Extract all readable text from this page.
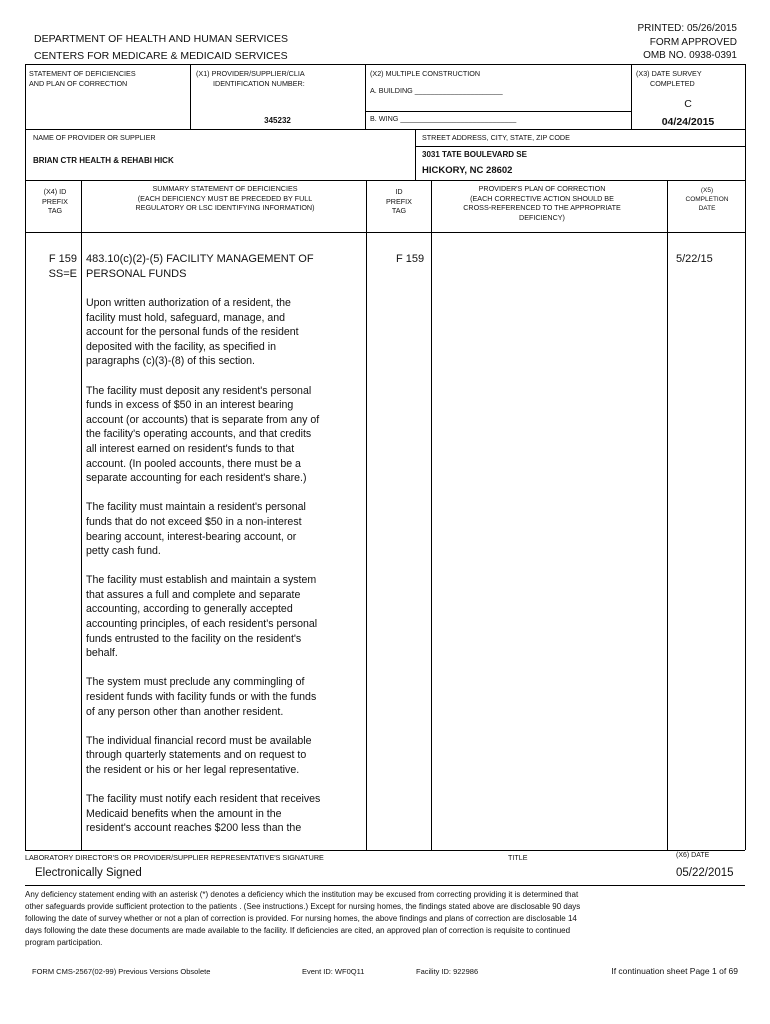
DEPARTMENT OF HEALTH AND HUMAN SERVICES
CENTERS FOR MEDICARE & MEDICAID SERVICES
PRINTED: 05/26/2015
FORM APPROVED
OMB NO. 0938-0391
STATEMENT OF DEFICIENCIES
AND PLAN OF CORRECTION
(X1) PROVIDER/SUPPLIER/CLIA
IDENTIFICATION NUMBER:
345232
(X2) MULTIPLE CONSTRUCTION
A. BUILDING ______________________
B. WING _____________________________
(X3) DATE SURVEY
COMPLETED
C
04/24/2015
NAME OF PROVIDER OR SUPPLIER
BRIAN CTR HEALTH & REHABI HICK
STREET ADDRESS, CITY, STATE, ZIP CODE
3031 TATE BOULEVARD SE
HICKORY, NC 28602
(X4) ID
PREFIX
TAG
SUMMARY STATEMENT OF DEFICIENCIES
(EACH DEFICIENCY MUST BE PRECEDED BY FULL
REGULATORY OR LSC IDENTIFYING INFORMATION)
ID
PREFIX
TAG
PROVIDER'S PLAN OF CORRECTION
(EACH CORRECTIVE ACTION SHOULD BE
CROSS-REFERENCED TO THE APPROPRIATE
DEFICIENCY)
(X5)
COMPLETION
DATE
F 159
SS=E
483.10(c)(2)-(5) FACILITY MANAGEMENT OF
PERSONAL FUNDS
F 159	5/22/15
Upon written authorization of a resident, the
facility must hold, safeguard, manage, and
account for the personal funds of the resident
deposited with the facility, as specified in
paragraphs (c)(3)-(8) of this section.
The facility must deposit any resident's personal
funds in excess of $50 in an interest bearing
account (or accounts) that is separate from any of
the facility's operating accounts, and that credits
all interest earned on resident's funds to that
account. (In pooled accounts, there must be a
separate accounting for each resident's share.)
The facility must maintain a resident's personal
funds that do not exceed $50 in a non-interest
bearing account, interest-bearing account, or
petty cash fund.
The facility must establish and maintain a system
that assures a full and complete and separate
accounting, according to generally accepted
accounting principles, of each resident's personal
funds entrusted to the facility on the resident's
behalf.
The system must preclude any commingling of
resident funds with facility funds or with the funds
of any person other than another resident.
The individual financial record must be available
through quarterly statements and on request to
the resident or his or her legal representative.
The facility must notify each resident that receives
Medicaid benefits when the amount in the
resident's account reaches $200 less than the
LABORATORY DIRECTOR'S OR PROVIDER/SUPPLIER REPRESENTATIVE'S SIGNATURE	TITLE	(X6) DATE
Electronically Signed	05/22/2015
Any deficiency statement ending with an asterisk (*) denotes a deficiency which the institution may be excused from correcting providing it is determined that
other safeguards provide sufficient protection to the patients . (See instructions.) Except for nursing homes, the findings stated above are disclosable 90 days
following the date of survey whether or not a plan of correction is provided. For nursing homes, the above findings and plans of correction are disclosable 14
days following the date these documents are made available to the facility. If deficiencies are cited, an approved plan of correction is requisite to continued
program participation.
FORM CMS-2567(02-99) Previous Versions Obsolete	Event ID: WF0Q11	Facility ID: 922986	If continuation sheet Page 1 of 69
